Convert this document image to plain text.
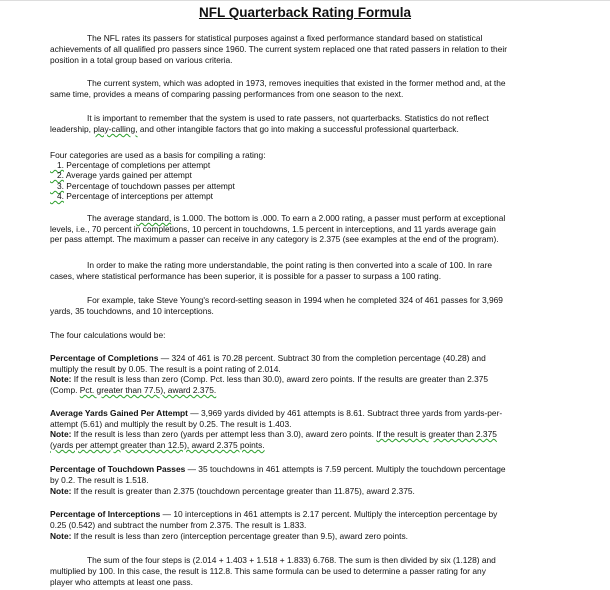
NFL Quarterback Rating Formula
The NFL rates its passers for statistical purposes against a fixed performance standard based on statistical
achievements of all qualified pro passers since 1960. The current system replaced one that rated passers in relation to their
position in a total group based on various criteria.
The current system, which was adopted in 1973, removes inequities that existed in the former method and, at the
same time, provides a means of comparing passing performances from one season to the next.
It is important to remember that the system is used to rate passers, not quarterbacks. Statistics do not reflect
leadership, play-calling, and other intangible factors that go into making a successful professional quarterback.
Four categories are used as a basis for compiling a rating:
1. Percentage of completions per attempt
2. Average yards gained per attempt
3. Percentage of touchdown passes per attempt
4. Percentage of interceptions per attempt
The average standard, is 1.000. The bottom is .000. To earn a 2.000 rating, a passer must perform at exceptional
levels, i.e., 70 percent in completions, 10 percent in touchdowns, 1.5 percent in interceptions, and 11 yards average gain
per pass attempt. The maximum a passer can receive in any category is 2.375 (see examples at the end of the program).
In order to make the rating more understandable, the point rating is then converted into a scale of 100. In rare
cases, where statistical performance has been superior, it is possible for a passer to surpass a 100 rating.
For example, take Steve Young's record-setting season in 1994 when he completed 324 of 461 passes for 3,969
yards, 35 touchdowns, and 10 interceptions.
The four calculations would be:
Percentage of Completions — 324 of 461 is 70.28 percent. Subtract 30 from the completion percentage (40.28) and
multiply the result by 0.05. The result is a point rating of 2.014.
Note: If the result is less than zero (Comp. Pct. less than 30.0), award zero points. If the results are greater than 2.375
(Comp. Pct. greater than 77.5), award 2.375.
Average Yards Gained Per Attempt — 3,969 yards divided by 461 attempts is 8.61. Subtract three yards from yards-per-
attempt (5.61) and multiply the result by 0.25. The result is 1.403.
Note: If the result is less than zero (yards per attempt less than 3.0), award zero points. If the result is greater than 2.375
(yards per attempt greater than 12.5), award 2.375 points.
Percentage of Touchdown Passes — 35 touchdowns in 461 attempts is 7.59 percent. Multiply the touchdown percentage
by 0.2. The result is 1.518.
Note: If the result is greater than 2.375 (touchdown percentage greater than 11.875), award 2.375.
Percentage of Interceptions — 10 interceptions in 461 attempts is 2.17 percent. Multiply the interception percentage by
0.25 (0.542) and subtract the number from 2.375. The result is 1.833.
Note: If the result is less than zero (interception percentage greater than 9.5), award zero points.
The sum of the four steps is (2.014 + 1.403 + 1.518 + 1.833) 6.768. The sum is then divided by six (1.128) and
multiplied by 100. In this case, the result is 112.8. This same formula can be used to determine a passer rating for any
player who attempts at least one pass.
